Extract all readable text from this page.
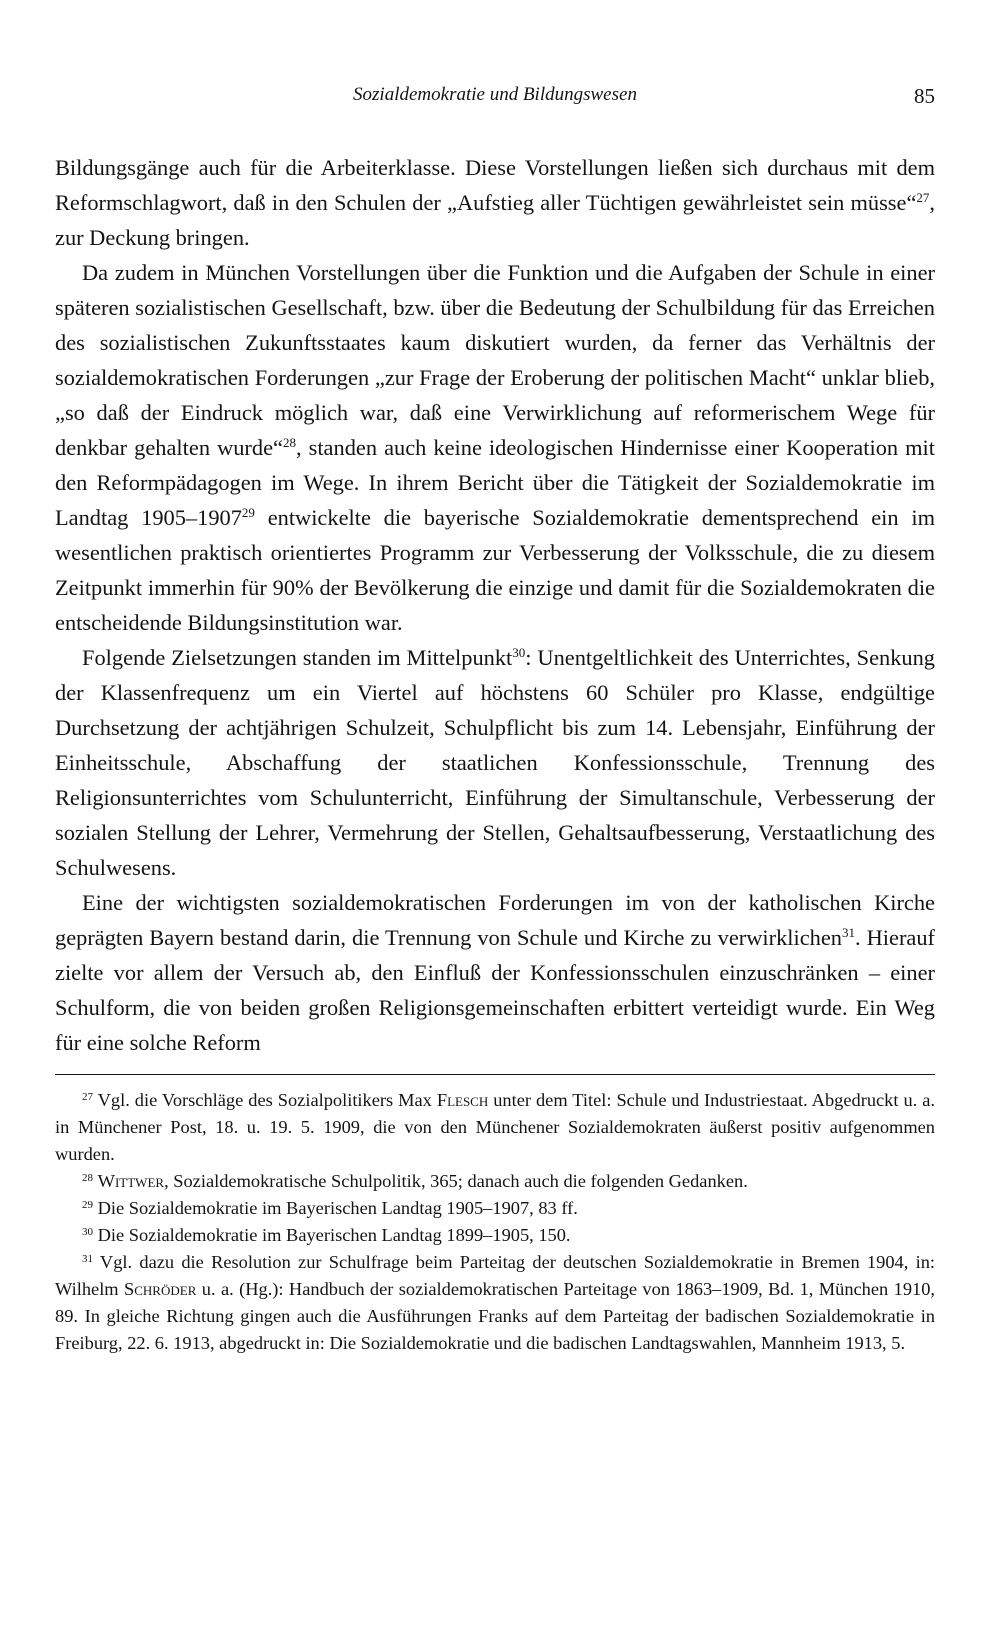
Sozialdemokratie und Bildungswesen	85

Bildungsgänge auch für die Arbeiterklasse. Diese Vorstellungen ließen sich durchaus mit dem Reformschlagwort, daß in den Schulen der „Aufstieg aller Tüchtigen gewährleistet sein müsse“$^{27}$, zur Deckung bringen.

Da zudem in München Vorstellungen über die Funktion und die Aufgaben der Schule in einer späteren sozialistischen Gesellschaft, bzw. über die Bedeutung der Schulbildung für das Erreichen des sozialistischen Zukunftsstaates kaum diskutiert wurden, da ferner das Verhältnis der sozialdemokratischen Forderungen „zur Frage der Eroberung der politischen Macht“ unklar blieb, „so daß der Eindruck möglich war, daß eine Verwirklichung auf reformerischem Wege für denkbar gehalten wurde“$^{28}$, standen auch keine ideologischen Hindernisse einer Kooperation mit den Reformpädagogen im Wege. In ihrem Bericht über die Tätigkeit der Sozialdemokratie im Landtag 1905–1907$^{29}$ entwickelte die bayerische Sozialdemokratie dementsprechend ein im wesentlichen praktisch orientiertes Programm zur Verbesserung der Volksschule, die zu diesem Zeitpunkt immerhin für 90% der Bevölkerung die einzige und damit für die Sozialdemokraten die entscheidende Bildungsinstitution war.

Folgende Zielsetzungen standen im Mittelpunkt$^{30}$: Unentgeltlichkeit des Unterrichtes, Senkung der Klassenfrequenz um ein Viertel auf höchstens 60 Schüler pro Klasse, endgültige Durchsetzung der achtjährigen Schulzeit, Schulpflicht bis zum 14. Lebensjahr, Einführung der Einheitsschule, Abschaffung der staatlichen Konfessionsschule, Trennung des Religionsunterrichtes vom Schulunterricht, Einführung der Simultanschule, Verbesserung der sozialen Stellung der Lehrer, Vermehrung der Stellen, Gehaltsaufbesserung, Verstaatlichung des Schulwesens.

Eine der wichtigsten sozialdemokratischen Forderungen im von der katholischen Kirche geprägten Bayern bestand darin, die Trennung von Schule und Kirche zu verwirklichen$^{31}$. Hierauf zielte vor allem der Versuch ab, den Einfluß der Konfessionsschulen einzuschränken – einer Schulform, die von beiden großen Religionsgemeinschaften erbittert verteidigt wurde. Ein Weg für eine solche Reform

$^{27}$ Vgl. die Vorschläge des Sozialpolitikers Max Flesch unter dem Titel: Schule und Industriestaat. Abgedruckt u. a. in Münchener Post, 18. u. 19. 5. 1909, die von den Münchener Sozialdemokraten äußerst positiv aufgenommen wurden.

$^{28}$ Wittwer, Sozialdemokratische Schulpolitik, 365; danach auch die folgenden Gedanken.

$^{29}$ Die Sozialdemokratie im Bayerischen Landtag 1905–1907, 83 ff.

$^{30}$ Die Sozialdemokratie im Bayerischen Landtag 1899–1905, 150.

$^{31}$ Vgl. dazu die Resolution zur Schulfrage beim Parteitag der deutschen Sozialdemokratie in Bremen 1904, in: Wilhelm Schröder u. a. (Hg.): Handbuch der sozialdemokratischen Parteitage von 1863–1909, Bd. 1, München 1910, 89. In gleiche Richtung gingen auch die Ausführungen Franks auf dem Parteitag der badischen Sozialdemokratie in Freiburg, 22. 6. 1913, abgedruckt in: Die Sozialdemokratie und die badischen Landtagswahlen, Mannheim 1913, 5.
